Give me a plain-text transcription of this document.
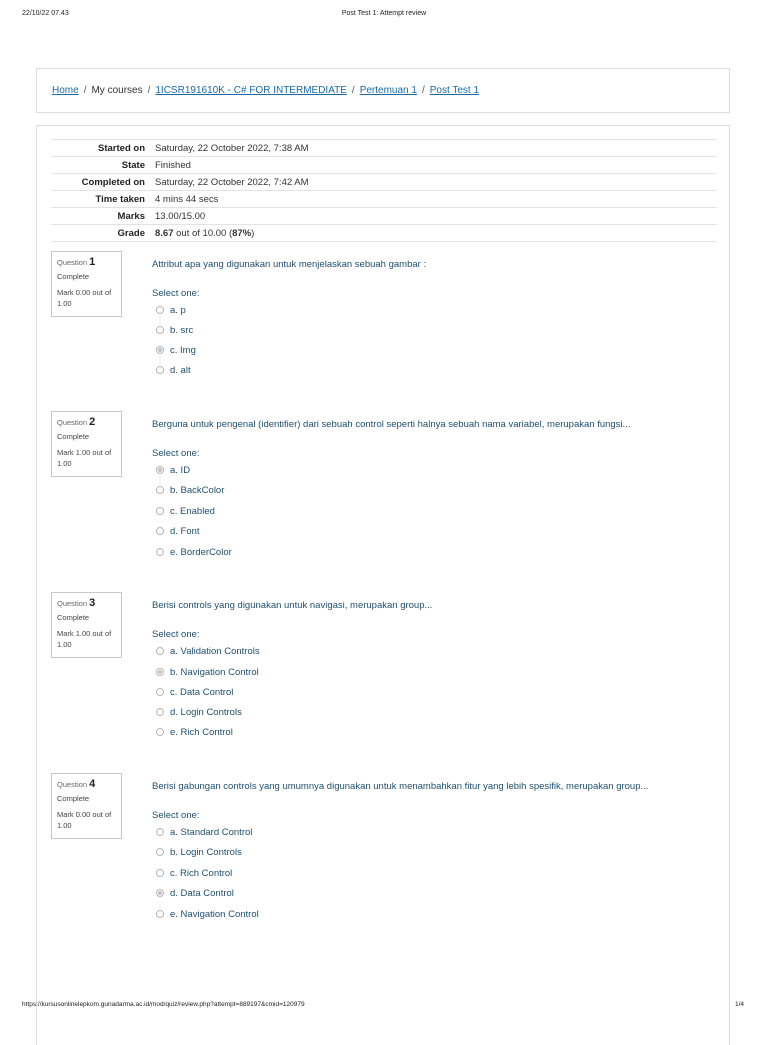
22/10/22 07.43	Post Test 1: Attempt review
Home / My courses / 1ICSR191610K - C# FOR INTERMEDIATE / Pertemuan 1 / Post Test 1
Started on	Saturday, 22 October 2022, 7:38 AM
State	Finished
Completed on	Saturday, 22 October 2022, 7:42 AM
Time taken	4 mins 44 secs
Marks	13.00/15.00
Grade	8.67 out of 10.00 (87%)
Question 1
Complete
Mark 0.00 out of 1.00
Attribut apa yang digunakan untuk menjelaskan sebuah gambar :
Select one:
a. p
b. src
c. Img
d. alt
Question 2
Complete
Mark 1.00 out of 1.00
Berguna untuk pengenal (identifier) dari sebuah control seperti halnya sebuah nama variabel, merupakan fungsi...
Select one:
a. ID
b. BackColor
c. Enabled
d. Font
e. BorderColor
Question 3
Complete
Mark 1.00 out of 1.00
Berisi controls yang digunakan untuk navigasi, merupakan group...
Select one:
a. Validation Controls
b. Navigation Control
c. Data Control
d. Login Controls
e. Rich Control
Question 4
Complete
Mark 0.00 out of 1.00
Berisi gabungan controls yang umumnya digunakan untuk menambahkan fitur yang lebih spesifik, merupakan group...
Select one:
a. Standard Control
b. Login Controls
c. Rich Control
d. Data Control
e. Navigation Control
https://kursusonlinelepkom.gunadarma.ac.id/mod/quiz/review.php?attempt=889197&cmid=120979	1/4
